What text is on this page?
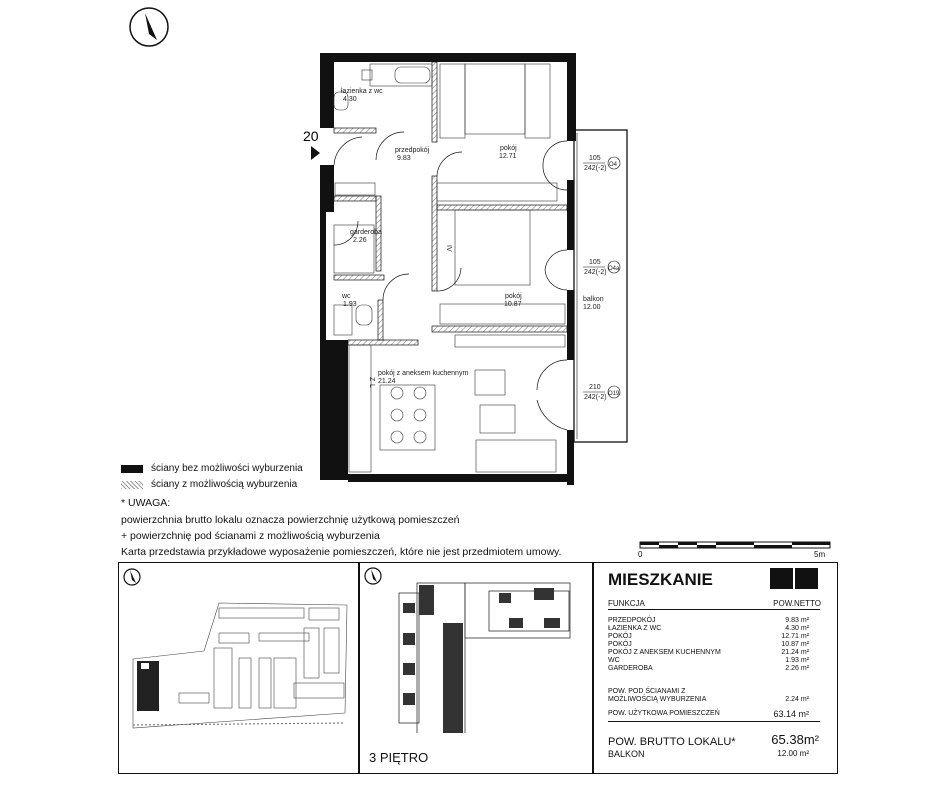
20
łazienka z wc
4.30
przedpokój
9.83
pokój
12.71
garderoba
2.26
pokój
10.87
wc
1.93
balkon
12.00
pokój z aneksem kuchennym
21.24
IV
Z
L
105
242(-2) O4
105
242(-2) O4a
210
242(-2) O19
ściany bez możliwości wyburzenia
ściany z możliwością wyburzenia
* UWAGA:
powierzchnia brutto lokalu oznacza powierzchnię użytkową pomieszczeń
+ powierzchnię pod ścianami z możliwością wyburzenia
Karta przedstawia przykładowe wyposażenie pomieszczeń, które nie jest przedmiotem umowy.	0	5m
3 PIĘTRO
MIESZKANIE
FUNKCJA	POW.NETTO
PRZEDPOKÓJ	9.83 m²
ŁAZIENKA Z WC	4.30 m²
POKÓJ	12.71 m²
POKÓJ	10.87 m²
POKÓJ Z ANEKSEM KUCHENNYM	21.24 m²
WC	1.93 m²
GARDEROBA	2.26 m²
POW. POD ŚCIANAMI Z
MOŻLIWOŚCIĄ WYBURZENIA	2.24 m²
POW. UŻYTKOWA POMIESZCZEŃ	63.14 m²
POW. BRUTTO LOKALU*	65.38m²
BALKON	12.00 m²
